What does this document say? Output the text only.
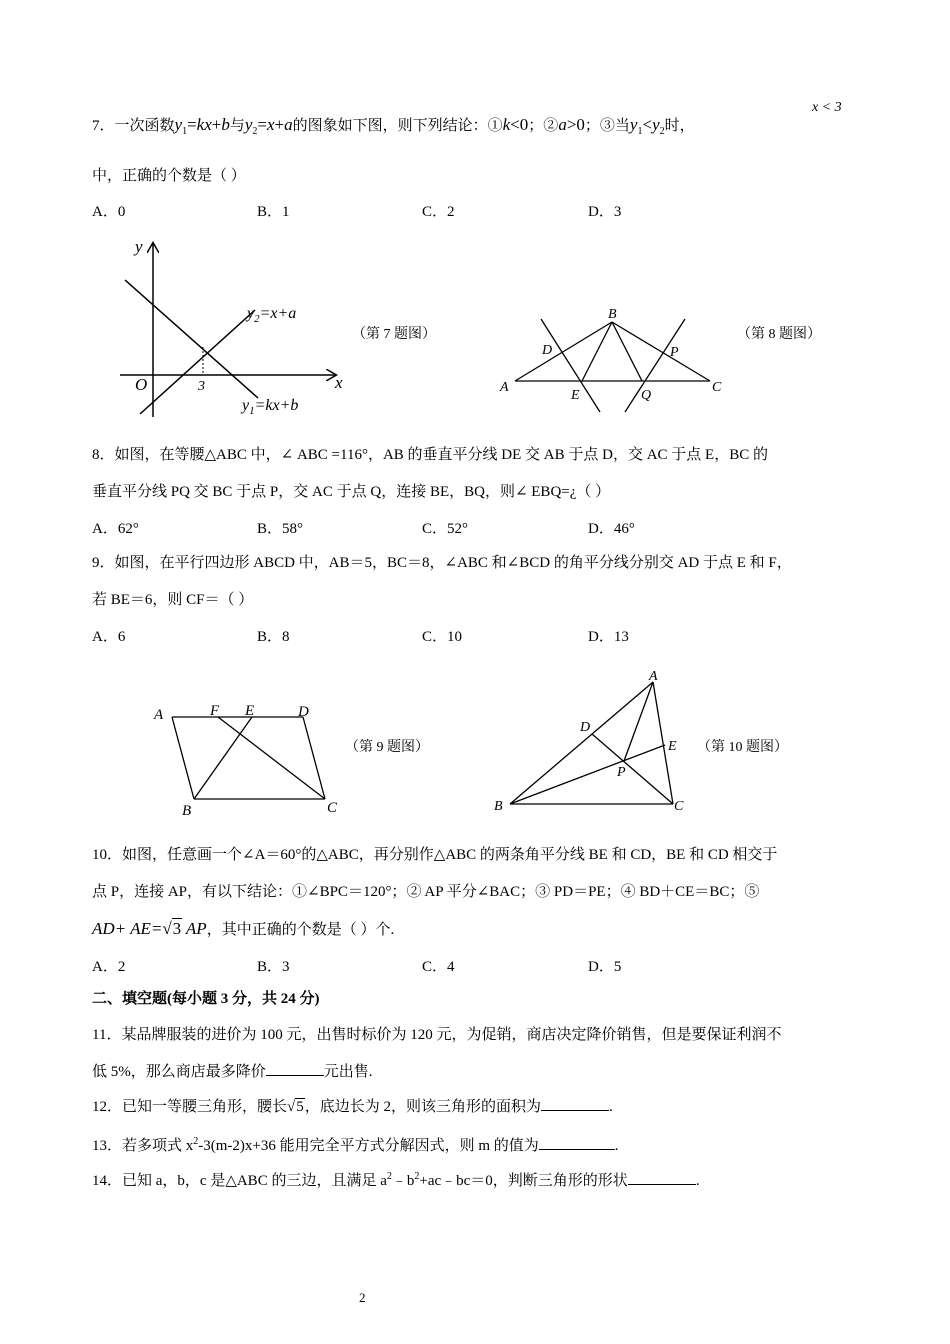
x < 3
7．一次函数$y_1=kx+b$与$y_2=x+a$的图象如下图，则下列结论：①k<0；②a>0；③当$y_1<y_2$时，
中，正确的个数是（ ）
A．0	B．1	C．2	D．3
y
x
O	3
$y_2=x+a$
$y_1=kx+b$
（第 7 题图）
B
A	C
D
E
P
Q
（第 8 题图）
8．如图，在等腰△ABC 中，∠ ABC =116°，AB 的垂直平分线 DE 交 AB 于点 D，交 AC 于点 E，BC 的
垂直平分线 PQ 交 BC 于点 P，交 AC 于点 Q，连接 BE，BQ，则∠ EBQ=¿（ ）
A．62°	B．58°	C．52°	D．46°
9．如图，在平行四边形 ABCD 中，AB＝5，BC＝8，∠ABC 和∠BCD 的角平分线分别交 AD 于点 E 和 F，
若 BE＝6，则 CF＝（ ）
A．6	B．8	C．10	D．13
A	F E	D
B	C
（第 9 题图）
A
D
E
P
B	C
（第 10 题图）
10．如图，任意画一个∠A＝60°的△ABC，再分别作△ABC 的两条角平分线 BE 和 CD，BE 和 CD 相交于
点 P，连接 AP，有以下结论：①∠BPC＝120°；② AP 平分∠BAC；③ PD＝PE；④ BD＋CE＝BC；⑤
AD+ AE=√3 AP，其中正确的个数是（ ）个.
A．2	B．3	C．4	D．5
二、填空题(每小题 3 分，共 24 分)
11．某品牌服装的进价为 100 元，出售时标价为 120 元，为促销，商店决定降价销售，但是要保证利润不
低 5%，那么商店最多降价	元出售.
12．已知一等腰三角形，腰长√5，底边长为 2，则该三角形的面积为	.
13．若多项式 $x^2-3(m-2)x+36$ 能用完全平方式分解因式，则 m 的值为	.
14．已知 a，b，c 是△ABC 的三边，且满足 $a^2﹣b^2+ac﹣bc=0$，判断三角形的形状	.
2
